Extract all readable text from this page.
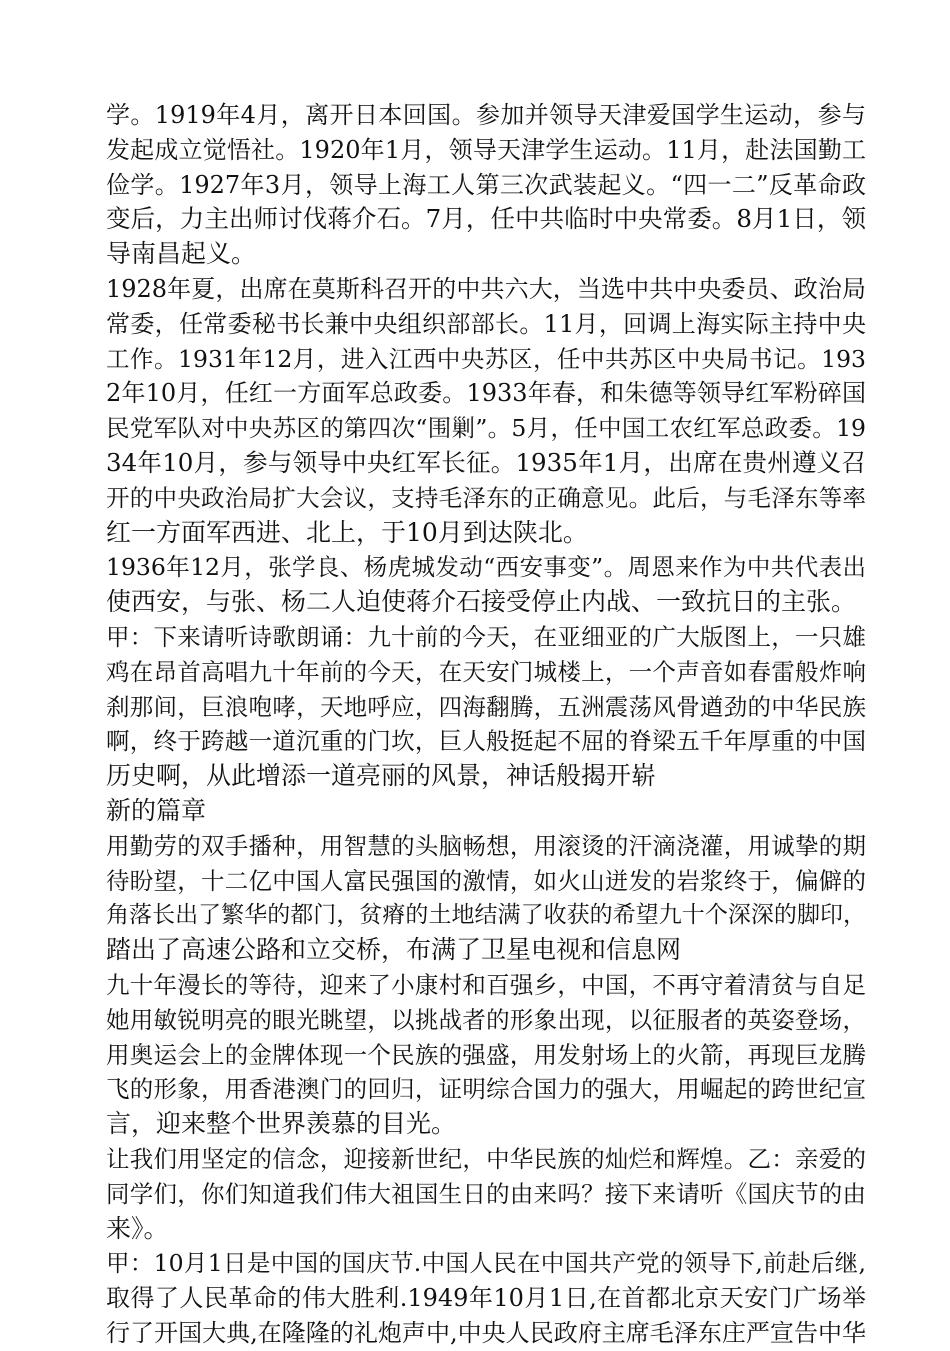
学。1919年4月，离开日本回国。参加并领导天津爱国学生运动，参与
发起成立觉悟社。1920年1月，领导天津学生运动。11月，赴法国勤工
俭学。1927年3月，领导上海工人第三次武装起义。“四一二”反革命政
变后，力主出师讨伐蒋介石。7月，任中共临时中央常委。8月1日，领
导南昌起义。
1928年夏，出席在莫斯科召开的中共六大，当选中共中央委员、政治局
常委，任常委秘书长兼中央组织部部长。11月，回调上海实际主持中央
工作。1931年12月，进入江西中央苏区，任中共苏区中央局书记。193
2年10月，任红一方面军总政委。1933年春，和朱德等领导红军粉碎国
民党军队对中央苏区的第四次“围剿”。5月，任中国工农红军总政委。19
34年10月，参与领导中央红军长征。1935年1月，出席在贵州遵义召
开的中央政治局扩大会议，支持毛泽东的正确意见。此后，与毛泽东等率
红一方面军西进、北上，于10月到达陕北。
1936年12月，张学良、杨虎城发动“西安事变”。周恩来作为中共代表出
使西安，与张、杨二人迫使蒋介石接受停止内战、一致抗日的主张。
甲：下来请听诗歌朗诵：九十前的今天，在亚细亚的广大版图上，一只雄
鸡在昂首高唱九十年前的今天，在天安门城楼上，一个声音如春雷般炸响
刹那间，巨浪咆哮，天地呼应，四海翻腾，五洲震荡风骨遒劲的中华民族
啊，终于跨越一道沉重的门坎，巨人般挺起不屈的脊梁五千年厚重的中国
历史啊，从此增添一道亮丽的风景，神话般揭开崭
新的篇章
用勤劳的双手播种，用智慧的头脑畅想，用滚烫的汗滴浇灌，用诚挚的期
待盼望，十二亿中国人富民强国的激情，如火山迸发的岩浆终于，偏僻的
角落长出了繁华的都门，贫瘠的土地结满了收获的希望九十个深深的脚印，
踏出了高速公路和立交桥，布满了卫星电视和信息网
九十年漫长的等待，迎来了小康村和百强乡，中国，不再守着清贫与自足
她用敏锐明亮的眼光眺望，以挑战者的形象出现，以征服者的英姿登场，
用奥运会上的金牌体现一个民族的强盛，用发射场上的火箭，再现巨龙腾
飞的形象，用香港澳门的回归，证明综合国力的强大，用崛起的跨世纪宣
言，迎来整个世界羡慕的目光。
让我们用坚定的信念，迎接新世纪，中华民族的灿烂和辉煌。乙：亲爱的
同学们，你们知道我们伟大祖国生日的由来吗？接下来请听《国庆节的由
来》。
甲：10月1日是中国的国庆节.中国人民在中国共产党的领导下,前赴后继,
取得了人民革命的伟大胜利.1949年10月1日,在首都北京天安门广场举
行了开国大典,在隆隆的礼炮声中,中央人民政府主席毛泽东庄严宣告中华
